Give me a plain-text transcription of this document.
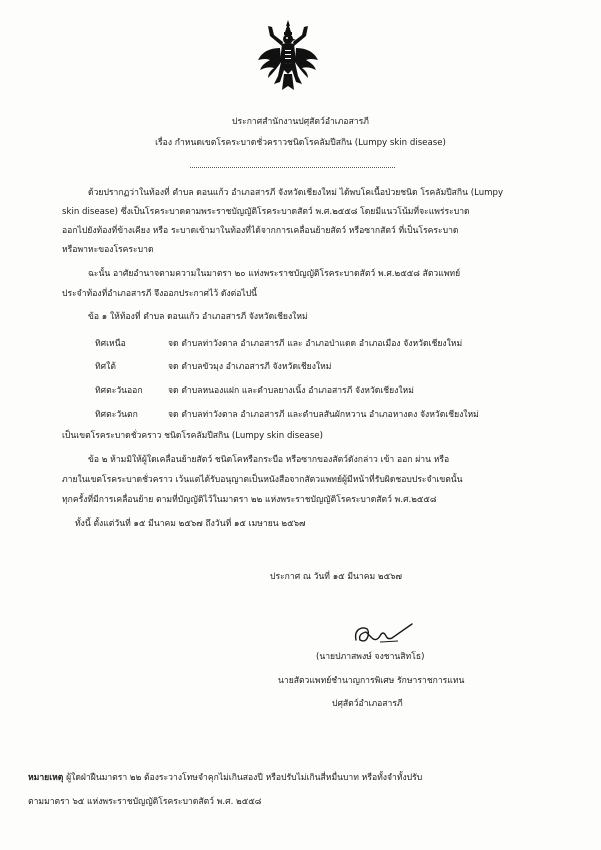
ประกาศสำนักงานปศุสัตว์อำเภอสารภี
เรื่อง กำหนดเขตโรคระบาดชั่วคราวชนิดโรคลัมปีสกิน (Lumpy skin disease)
ด้วยปรากฏว่าในท้องที่ ตำบล ดอนแก้ว อำเภอสารภี จังหวัดเชียงใหม่ ได้พบโคเนื้อป่วยชนิด โรคลัมปีสกิน (Lumpy
skin disease) ซึ่งเป็นโรคระบาดตามพระราชบัญญัติโรคระบาดสัตว์ พ.ศ.๒๕๕๘ โดยมีแนวโน้มที่จะแพร่ระบาด
ออกไปยังท้องที่ข้างเคียง หรือ ระบาดเข้ามาในท้องที่ได้จากการเคลื่อนย้ายสัตว์ หรือซากสัตว์ ที่เป็นโรคระบาด
หรือพาหะของโรคระบาด
ฉะนั้น อาศัยอำนาจตามความในมาตรา ๒๐ แห่งพระราชบัญญัติโรคระบาดสัตว์ พ.ศ.๒๕๕๘ สัตวแพทย์
ประจำท้องที่อำเภอสารภี จึงออกประกาศไว้ ดังต่อไปนี้
ข้อ ๑ ให้ท้องที่ ตำบล ดอนแก้ว อำเภอสารภี จังหวัดเชียงใหม่
ทิศเหนือ	จด ตำบลท่าวังตาล อำเภอสารภี และ อำเภอป่าแดด อำเภอเมือง จังหวัดเชียงใหม่
ทิศใต้	จด ตำบลขัวมุง อำเภอสารภี จังหวัดเชียงใหม่
ทิศตะวันออก	จด ตำบลหนองแฝก และตำบลยางเนิ้ง อำเภอสารภี จังหวัดเชียงใหม่
ทิศตะวันตก	จด ตำบลท่าวังตาล อำเภอสารภี และตำบลสันผักหวาน อำเภอหางดง จังหวัดเชียงใหม่
เป็นเขตโรคระบาดชั่วคราว ชนิดโรคลัมปีสกิน (Lumpy skin disease)
ข้อ ๒ ห้ามมิให้ผู้ใดเคลื่อนย้ายสัตว์ ชนิดโคหรือกระบือ หรือซากของสัตว์ดังกล่าว เข้า ออก ผ่าน หรือ
ภายในเขตโรคระบาดชั่วคราว เว้นแต่ได้รับอนุญาตเป็นหนังสือจากสัตวแพทย์ผู้มีหน้าที่รับผิดชอบประจำเขตนั้น
ทุกครั้งที่มีการเคลื่อนย้าย ตามที่บัญญัติไว้ในมาตรา ๒๒ แห่งพระราชบัญญัติโรคระบาดสัตว์ พ.ศ.๒๕๕๘
ทั้งนี้ ตั้งแต่วันที่ ๑๕ มีนาคม ๒๕๖๗ ถึงวันที่ ๑๕ เมษายน ๒๕๖๗
ประกาศ ณ วันที่ ๑๕ มีนาคม ๒๕๖๗
(นายปภาสพงษ์ จงชานสิทโธ)
นายสัตวแพทย์ชำนาญการพิเศษ รักษาราชการแทน
ปศุสัตว์อำเภอสารภี
หมายเหตุ ผู้ใดฝ่าฝืนมาตรา ๒๒ ต้องระวางโทษจำคุกไม่เกินสองปี หรือปรับไม่เกินสี่หมื่นบาท หรือทั้งจำทั้งปรับ
ตามมาตรา ๖๕ แห่งพระราชบัญญัติโรคระบาดสัตว์ พ.ศ. ๒๕๕๘
